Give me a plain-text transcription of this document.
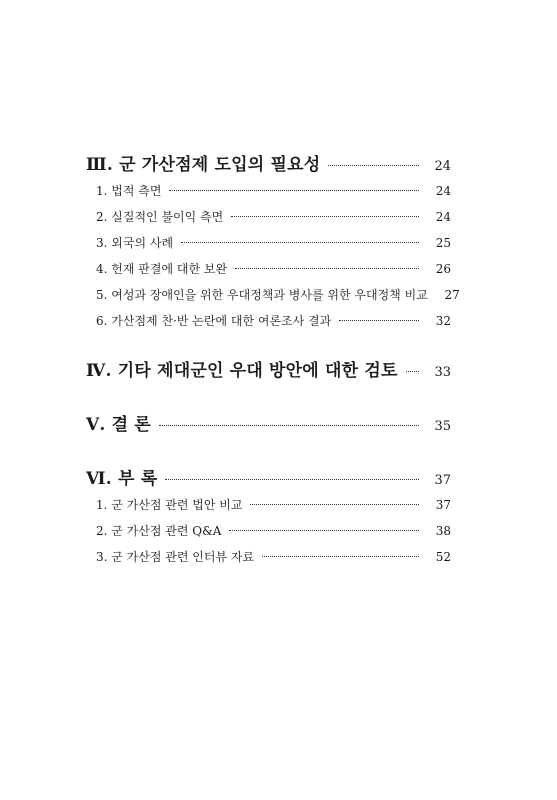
Ⅲ. 군 가산점제 도입의 필요성	24
1. 법적 측면	24
2. 실질적인 불이익 측면	24
3. 외국의 사례	25
4. 헌재 판결에 대한 보완	26
5. 여성과 장애인을 위한 우대정책과 병사를 위한 우대정책 비교	27
6. 가산점제 찬·반 논란에 대한 여론조사 결과	32
Ⅳ. 기타 제대군인 우대 방안에 대한 검토	33
Ⅴ. 결 론	35
Ⅵ. 부 록	37
1. 군 가산점 관련 법안 비교	37
2. 군 가산점 관련 Q&A	38
3. 군 가산점 관련 인터뷰 자료	52
